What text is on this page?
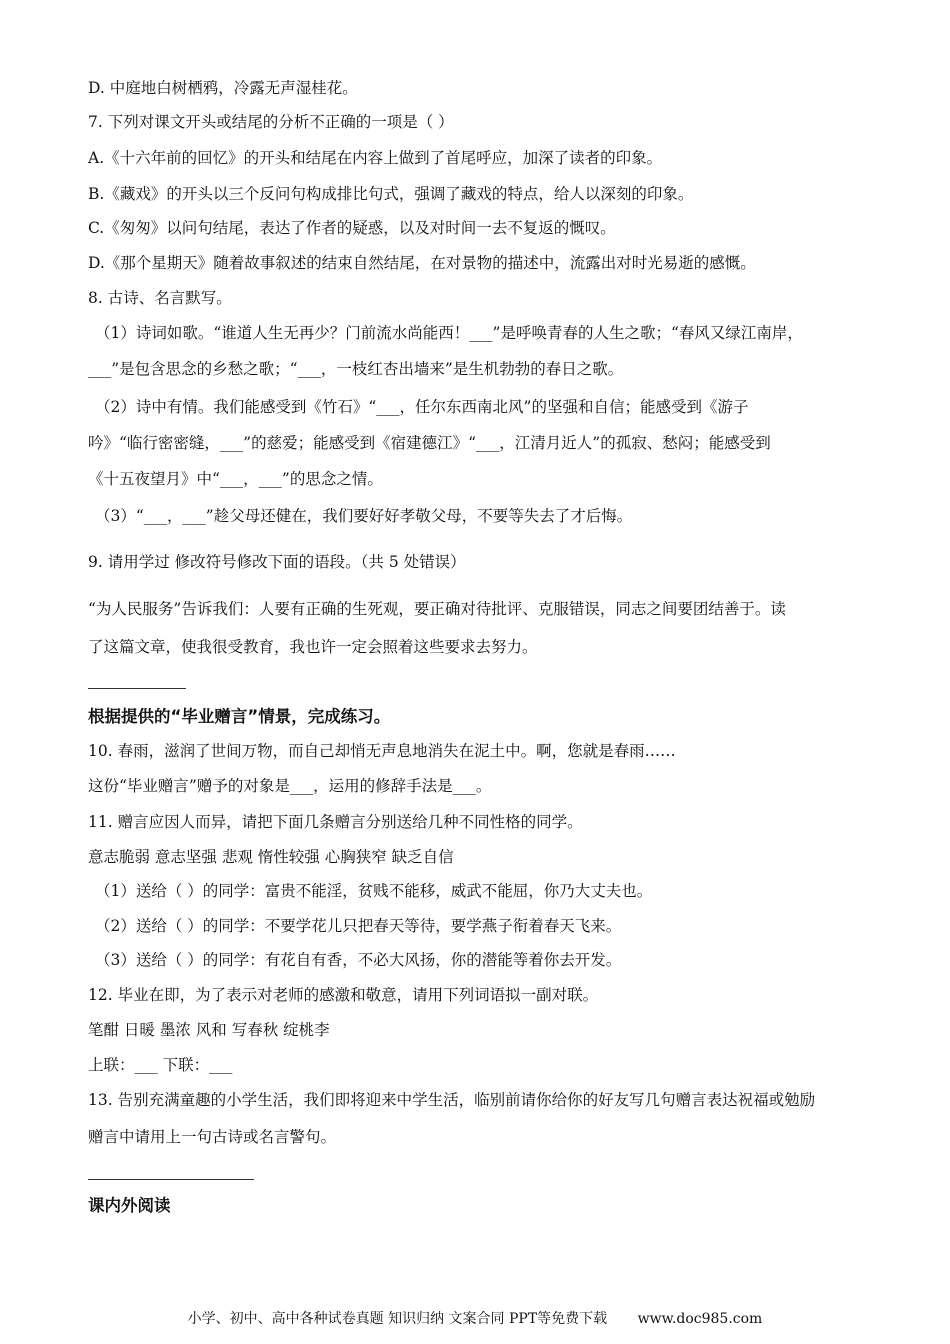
D. 中庭地白树栖鸦，冷露无声湿桂花。
7. 下列对课文开头或结尾的分析不正确的一项是（ ）
A.《十六年前的回忆》的开头和结尾在内容上做到了首尾呼应，加深了读者的印象。
B.《藏戏》的开头以三个反问句构成排比句式，强调了藏戏的特点，给人以深刻的印象。
C.《匆匆》以问句结尾，表达了作者的疑惑，以及对时间一去不复返的慨叹。
D.《那个星期天》随着故事叙述的结束自然结尾，在对景物的描述中，流露出对时光易逝的感慨。
8. 古诗、名言默写。
（1）诗词如歌。“谁道人生无再少？门前流水尚能西！___”是呼唤青春的人生之歌；“春风又绿江南岸，
___”是包含思念的乡愁之歌；“___，一枝红杏出墙来”是生机勃勃的春日之歌。
（2）诗中有情。我们能感受到《竹石》“___，任尔东西南北风”的坚强和自信；能感受到《游子
吟》“临行密密缝，___”的慈爱；能感受到《宿建德江》“___，江清月近人”的孤寂、愁闷；能感受到
《十五夜望月》中“___，___”的思念之情。
（3）“___，___”趁父母还健在，我们要好好孝敬父母，不要等失去了才后悔。
9. 请用学过 修改符号修改下面的语段。（共 5 处错误）
“为人民服务”告诉我们：人要有正确的生死观，要正确对待批评、克服错误，同志之间要团结善于。读
了这篇文章，使我很受教育，我也许一定会照着这些要求去努力。
根据提供的“毕业赠言”情景，完成练习。
10. 春雨，滋润了世间万物，而自己却悄无声息地消失在泥土中。啊，您就是春雨……
这份“毕业赠言”赠予的对象是___，运用的修辞手法是___。
11. 赠言应因人而异，请把下面几条赠言分别送给几种不同性格的同学。
意志脆弱 意志坚强 悲观 惰性较强 心胸狭窄 缺乏自信
（1）送给（ ）的同学：富贵不能淫，贫贱不能移，威武不能屈，你乃大丈夫也。
（2）送给（ ）的同学：不要学花儿只把春天等待，要学燕子衔着春天飞来。
（3）送给（ ）的同学：有花自有香，不必大风扬，你的潜能等着你去开发。
12. 毕业在即，为了表示对老师的感激和敬意，请用下列词语拟一副对联。
笔酣 日暖 墨浓 风和 写春秋 绽桃李
上联：___ 下联：___
13. 告别充满童趣的小学生活，我们即将迎来中学生活，临别前请你给你的好友写几句赠言表达祝福或勉励
赠言中请用上一句古诗或名言警句。
课内外阅读
小学、初中、高中各种试卷真题 知识归纳 文案合同 PPT等免费下载 www.doc985.com
